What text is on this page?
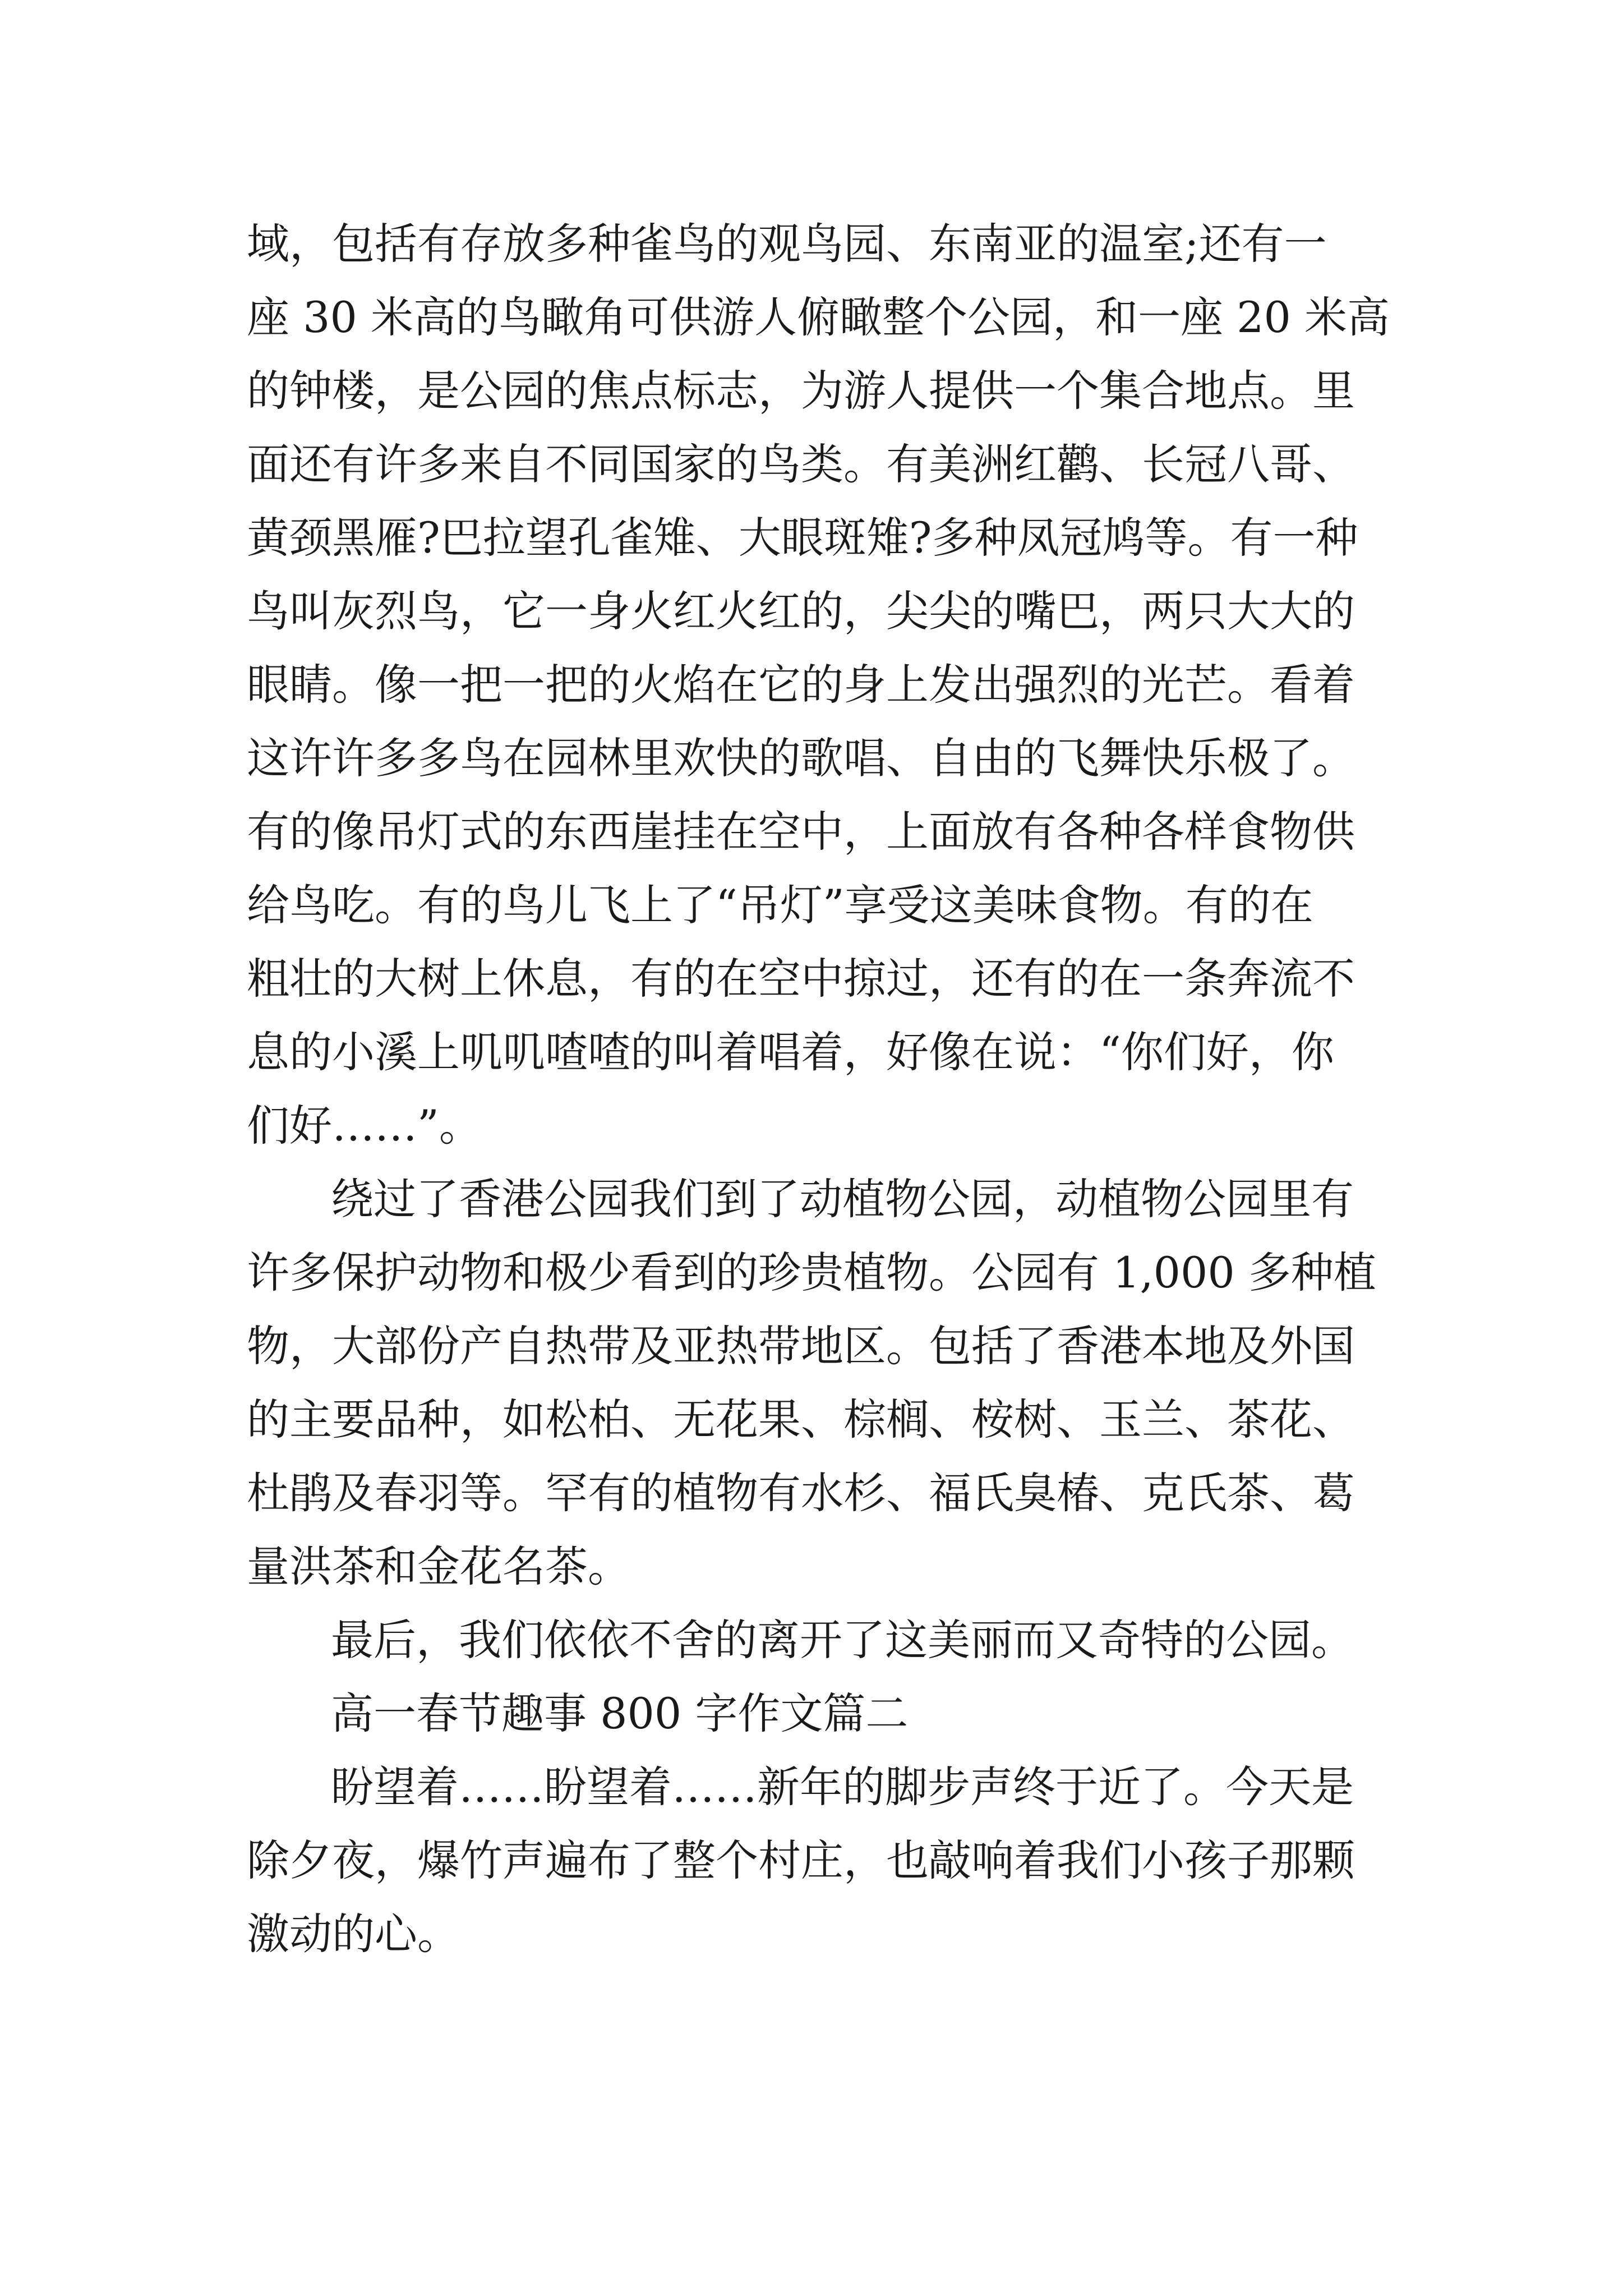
域，包括有存放多种雀鸟的观鸟园、东南亚的温室;还有一
座 30 米高的鸟瞰角可供游人俯瞰整个公园，和一座 20 米高
的钟楼，是公园的焦点标志，为游人提供一个集合地点。里
面还有许多来自不同国家的鸟类。有美洲红鹳、长冠八哥、
黄颈黑雁?巴拉望孔雀雉、大眼斑雉?多种凤冠鸠等。有一种
鸟叫灰烈鸟，它一身火红火红的，尖尖的嘴巴，两只大大的
眼睛。像一把一把的火焰在它的身上发出强烈的光芒。看着
这许许多多鸟在园林里欢快的歌唱、自由的飞舞快乐极了。
有的像吊灯式的东西崖挂在空中，上面放有各种各样食物供
给鸟吃。有的鸟儿飞上了“吊灯”享受这美味食物。有的在
粗壮的大树上休息，有的在空中掠过，还有的在一条奔流不
息的小溪上叽叽喳喳的叫着唱着，好像在说：“你们好，你
们好……”。
绕过了香港公园我们到了动植物公园，动植物公园里有
许多保护动物和极少看到的珍贵植物。公园有 1,000 多种植
物，大部份产自热带及亚热带地区。包括了香港本地及外国
的主要品种，如松柏、无花果、棕榈、桉树、玉兰、茶花、
杜鹃及春羽等。罕有的植物有水杉、福氏臭椿、克氏茶、葛
量洪茶和金花名茶。
最后，我们依依不舍的离开了这美丽而又奇特的公园。
高一春节趣事 800 字作文篇二
盼望着……盼望着……新年的脚步声终于近了。今天是
除夕夜，爆竹声遍布了整个村庄，也敲响着我们小孩子那颗
激动的心。
